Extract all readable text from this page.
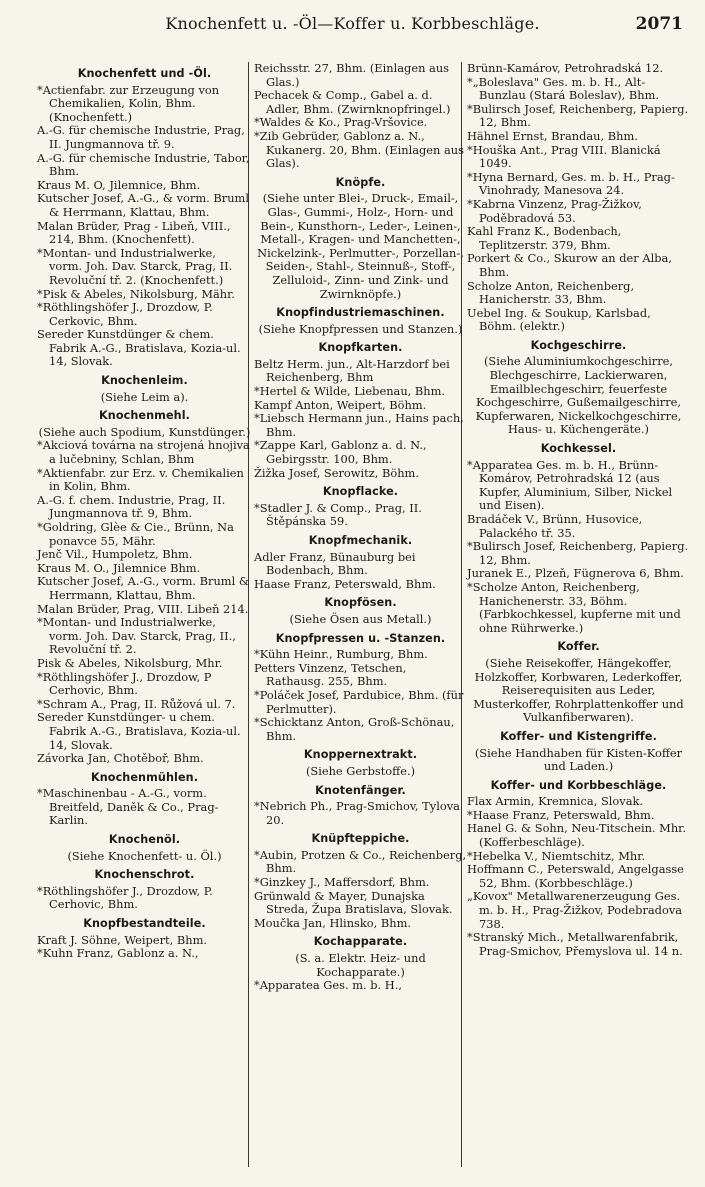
Knochenfett u. -Öl—Koffer u. Korbbeschläge.	2071
Knochenfett und -Öl.
*Actienfabr. zur Erzeugung von Chemikalien, Kolin, Bhm. (Knochenfett.)
A.-G. für chemische Industrie, Prag, II. Jungmannova tř. 9.
A.-G. für chemische Industrie, Tabor, Bhm.
Kraus M. O, Jilemnice, Bhm.
Kutscher Josef, A.-G., & vorm. Bruml & Herrmann, Klattau, Bhm.
Malan Brüder, Prag - Libeň, VIII., 214, Bhm. (Knochenfett).
*Montan- und Industrialwerke, vorm. Joh. Dav. Starck, Prag, II. Revoluční tř. 2. (Knochenfett.)
*Pisk & Abeles, Nikolsburg, Mähr.
*Röthlingshöfer J., Drozdow, P. Cerkovic, Bhm.
Sereder Kunstdünger & chem. Fabrik A.-G., Bratislava, Kozia-ul. 14, Slovak.
Knochenleim.
(Siehe Leim a).
Knochenmehl.
(Siehe auch Spodium, Kunstdünger.)
*Akciová továrna na strojená hnojiva a lučebniny, Schlan, Bhm
*Aktienfabr. zur Erz. v. Chemikalien in Kolin, Bhm.
A.-G. f. chem. Industrie, Prag, II. Jungmannova tř. 9, Bhm.
*Goldring, Glèe & Cie., Brünn, Na ponavce 55, Mähr.
Jenč Vil., Humpoletz, Bhm.
Kraus M. O., Jilemnice Bhm.
Kutscher Josef, A.-G., vorm. Bruml & Herrmann, Klattau, Bhm.
Malan Brüder, Prag, VIII. Libeň 214.
*Montan- und Industrialwerke, vorm. Joh. Dav. Starck, Prag, II., Revoluční tř. 2.
Pisk & Abeles, Nikolsburg, Mhr.
*Röthlingshöfer J., Drozdow, P Cerhovic, Bhm.
*Schram A., Prag, II. Růžová ul. 7.
Sereder Kunstdünger- u chem. Fabrik A.-G., Bratislava, Kozia-ul. 14, Slovak.
Závorka Jan, Chotěboř, Bhm.
Knochenmühlen.
*Maschinenbau - A.-G., vorm. Breitfeld, Daněk & Co., Prag-Karlin.
Knochenöl.
(Siehe Knochenfett- u. Öl.)
Knochenschrot.
*Röthlingshöfer J., Drozdow, P. Cerhovic, Bhm.
Knopfbestandteile.
Kraft J. Söhne, Weipert, Bhm.
*Kuhn Franz, Gablonz a. N.,
Reichsstr. 27, Bhm. (Einlagen aus Glas.)
Pechacek & Comp., Gabel a. d. Adler, Bhm. (Zwirnknopfringel.)
*Waldes & Ko., Prag-Vršovice.
*Zib Gebrüder, Gablonz a. N., Kukanerg. 20, Bhm. (Einlagen aus Glas).
Knöpfe.
(Siehe unter Blei-, Druck-, Email-, Glas-, Gummi-, Holz-, Horn- und Bein-, Kunsthorn-, Leder-, Leinen-, Metall-, Kragen- und Manchetten-, Nickelzink-, Perlmutter-, Porzellan-, Seiden-, Stahl-, Steinnuß-, Stoff-, Zelluloid-, Zinn- und Zink- und Zwirnknöpfe.)
Knopfindustriemaschinen.
(Siehe Knopfpressen und Stanzen.)
Knopfkarten.
Beltz Herm. jun., Alt-Harzdorf bei Reichenberg, Bhm
*Hertel & Wilde, Liebenau, Bhm.
Kampf Anton, Weipert, Böhm.
*Liebsch Hermann jun., Hains pach, Bhm.
*Zappe Karl, Gablonz a. d. N., Gebirgsstr. 100, Bhm.
Žižka Josef, Serowitz, Böhm.
Knopflacke.
*Stadler J. & Comp., Prag, II. Štěpánska 59.
Knopfmechanik.
Adler Franz, Bünauburg bei Bodenbach, Bhm.
Haase Franz, Peterswald, Bhm.
Knopfösen.
(Siehe Ösen aus Metall.)
Knopfpressen u. -Stanzen.
*Kühn Heinr., Rumburg, Bhm.
Petters Vinzenz, Tetschen, Rathausg. 255, Bhm.
*Poláček Josef, Pardubice, Bhm. (für Perlmutter).
*Schicktanz Anton, Groß-Schönau, Bhm.
Knoppernextrakt.
(Siehe Gerbstoffe.)
Knotenfänger.
*Nebrich Ph., Prag-Smichov, Tylova 20.
Knüpfteppiche.
*Aubin, Protzen & Co., Reichenberg, Bhm.
*Ginzkey J., Maffersdorf, Bhm.
Grünwald & Mayer, Dunajska Streda, Župa Bratislava, Slovak.
Moučka Jan, Hlinsko, Bhm.
Kochapparate.
(S. a. Elektr. Heiz- und Kochapparate.)
*Apparatea Ges. m. b. H.,
Brünn-Kamárov, Petrohradská 12.
*„Boleslava" Ges. m. b. H., Alt-Bunzlau (Stará Boleslav), Bhm.
*Bulirsch Josef, Reichenberg, Papierg. 12, Bhm.
Hähnel Ernst, Brandau, Bhm.
*Houška Ant., Prag VIII. Blanická 1049.
*Hyna Bernard, Ges. m. b. H., Prag-Vinohrady, Manesova 24.
*Kabrna Vinzenz, Prag-Žižkov, Poděbradová 53.
Kahl Franz K., Bodenbach, Teplitzerstr. 379, Bhm.
Porkert & Co., Skurow an der Alba, Bhm.
Scholze Anton, Reichenberg, Hanicherstr. 33, Bhm.
Uebel Ing. & Soukup, Karlsbad, Böhm. (elektr.)
Kochgeschirre.
(Siehe Aluminiumkochgeschirre, Blechgeschirre, Lackierwaren, Emailblechgeschirr, feuerfeste Kochgeschirre, Gußemailgeschirre, Kupferwaren, Nickelkochgeschirre, Haus- u. Küchengeräte.)
Kochkessel.
*Apparatea Ges. m. b. H., Brünn-Komárov, Petrohradská 12 (aus Kupfer, Aluminium, Silber, Nickel und Eisen).
Bradáček V., Brünn, Husovice, Palackého tř. 35.
*Bulirsch Josef, Reichenberg, Papierg. 12, Bhm.
Juranek E., Plzeň, Fügnerova 6, Bhm.
*Scholze Anton, Reichenberg, Hanichenerstr. 33, Böhm. (Farbkochkessel, kupferne mit und ohne Rührwerke.)
Koffer.
(Siehe Reisekoffer, Hängekoffer, Holzkoffer, Korbwaren, Lederkoffer, Reiserequisiten aus Leder, Musterkoffer, Rohrplattenkoffer und Vulkanfiberwaren).
Koffer- und Kistengriffe.
(Siehe Handhaben für Kisten-Koffer und Laden.)
Koffer- und Korbbeschläge.
Flax Armin, Kremnica, Slovak.
*Haase Franz, Peterswald, Bhm.
Hanel G. & Sohn, Neu-Titschein. Mhr. (Kofferbeschläge).
*Hebelka V., Niemtschitz, Mhr.
Hoffmann C., Peterswald, Angelgasse 52, Bhm. (Korbbeschläge.)
„Kovox" Metallwarenerzeugung Ges. m. b. H., Prag-Žižkov, Podebradova 738.
*Stranský Mich., Metallwarenfabrik, Prag-Smichov, Přemyslova ul. 14 n.
